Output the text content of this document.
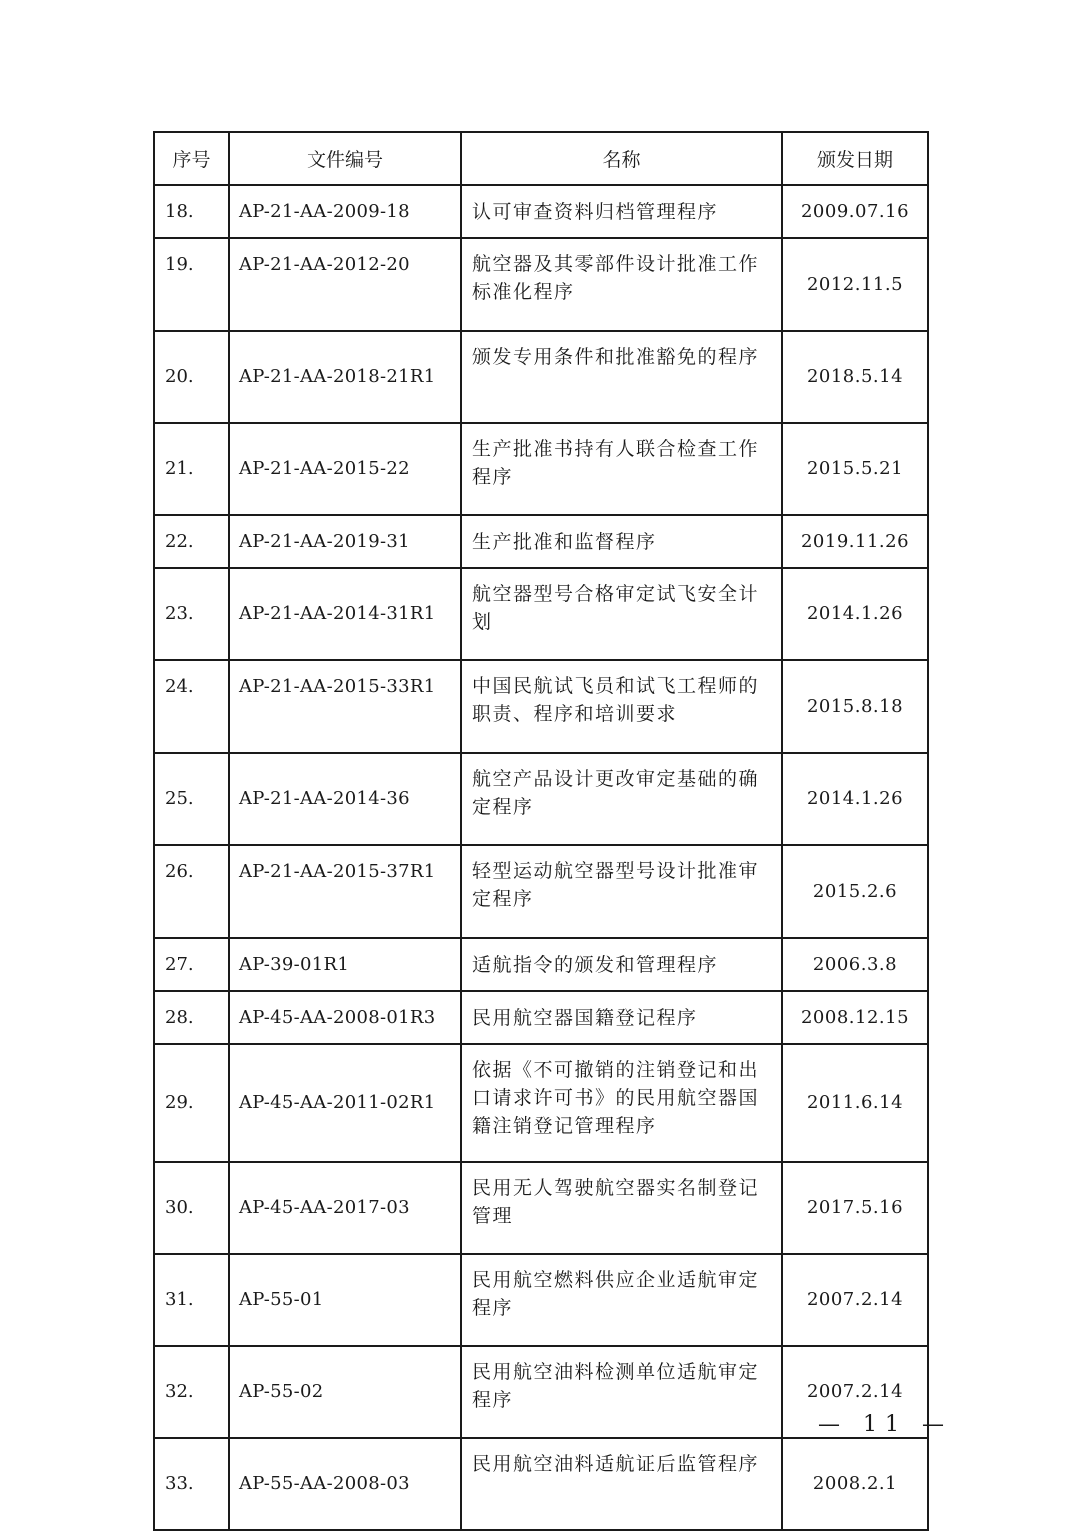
序号	文件编号	名称	颁发日期
18.	AP-21-AA-2009-18	认可审查资料归档管理程序	2009.07.16
19.	AP-21-AA-2012-20	航空器及其零部件设计批准工作标准化程序	2012.11.5
20.	AP-21-AA-2018-21R1	颁发专用条件和批准豁免的程序	2018.5.14
21.	AP-21-AA-2015-22	生产批准书持有人联合检查工作程序	2015.5.21
22.	AP-21-AA-2019-31	生产批准和监督程序	2019.11.26
23.	AP-21-AA-2014-31R1	航空器型号合格审定试飞安全计划	2014.1.26
24.	AP-21-AA-2015-33R1	中国民航试飞员和试飞工程师的职责、程序和培训要求	2015.8.18
25.	AP-21-AA-2014-36	航空产品设计更改审定基础的确定程序	2014.1.26
26.	AP-21-AA-2015-37R1	轻型运动航空器型号设计批准审定程序	2015.2.6
27.	AP-39-01R1	适航指令的颁发和管理程序	2006.3.8
28.	AP-45-AA-2008-01R3	民用航空器国籍登记程序	2008.12.15
29.	AP-45-AA-2011-02R1	依据《不可撤销的注销登记和出口请求许可书》的民用航空器国籍注销登记管理程序	2011.6.14
30.	AP-45-AA-2017-03	民用无人驾驶航空器实名制登记管理	2017.5.16
31.	AP-55-01	民用航空燃料供应企业适航审定程序	2007.2.14
32.	AP-55-02	民用航空油料检测单位适航审定程序	2007.2.14
33.	AP-55-AA-2008-03	民用航空油料适航证后监管程序	2008.2.1
— 11 —
